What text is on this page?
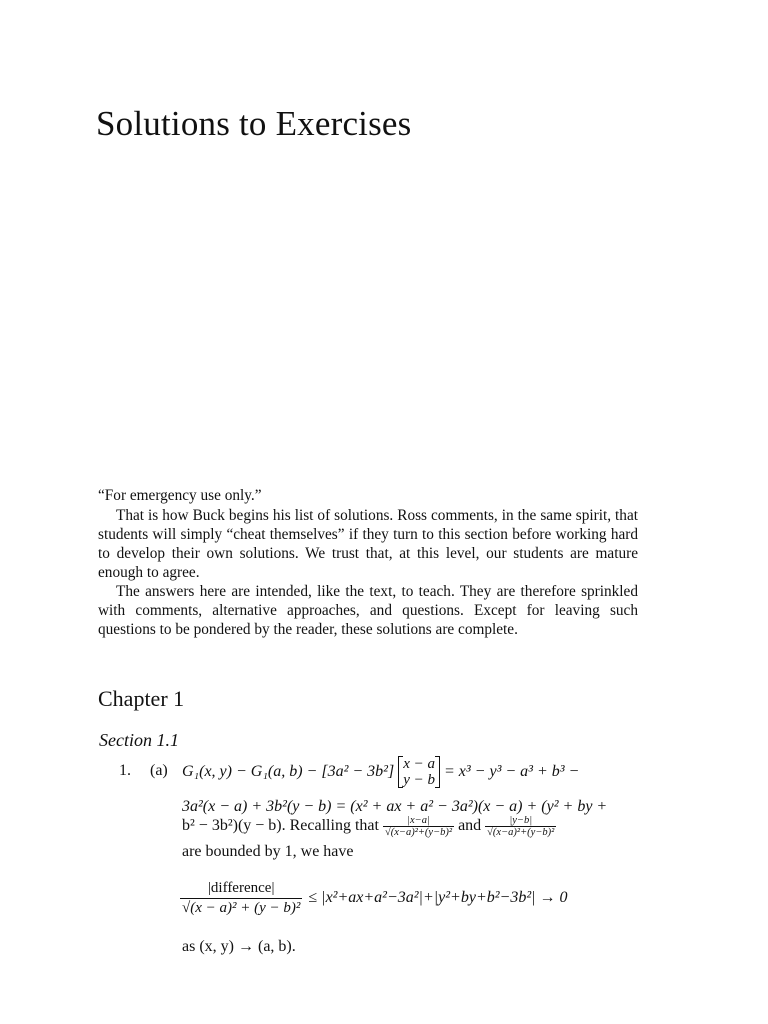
Solutions to Exercises
“For emergency use only.”
That is how Buck begins his list of solutions. Ross comments, in the same spirit, that students will simply “cheat themselves” if they turn to this section before working hard to develop their own solutions. We trust that, at this level, our students are mature enough to agree.
The answers here are intended, like the text, to teach. They are therefore sprinkled with comments, alternative approaches, and questions. Except for leaving such questions to be pondered by the reader, these solutions are complete.
Chapter 1
Section 1.1
1. (a) G₁(x, y) − G₁(a, b) − [3a² − 3b²] x − a
y − b = x³ − y³ − a³ + b³ −
3a²(x − a) + 3b²(y − b) = (x² + ax + a² − 3a²)(x − a) + (y² + by +
b² − 3b²)(y − b). Recalling that $\frac{|x-a|}{\text{√(x−a)²+(y−b)²}}$ and $\frac{|y-b|}{\text{√(x−a)²+(y−b)²}}$
are bounded by 1, we have
$\frac{\text{|difference|}}{\text{√(x − a)² + (y − b)²}} \le |x^2+ax+a^2-3a^2|+|y^2+by+b^2-3b^2| \to 0$
as (x, y) → (a, b).
